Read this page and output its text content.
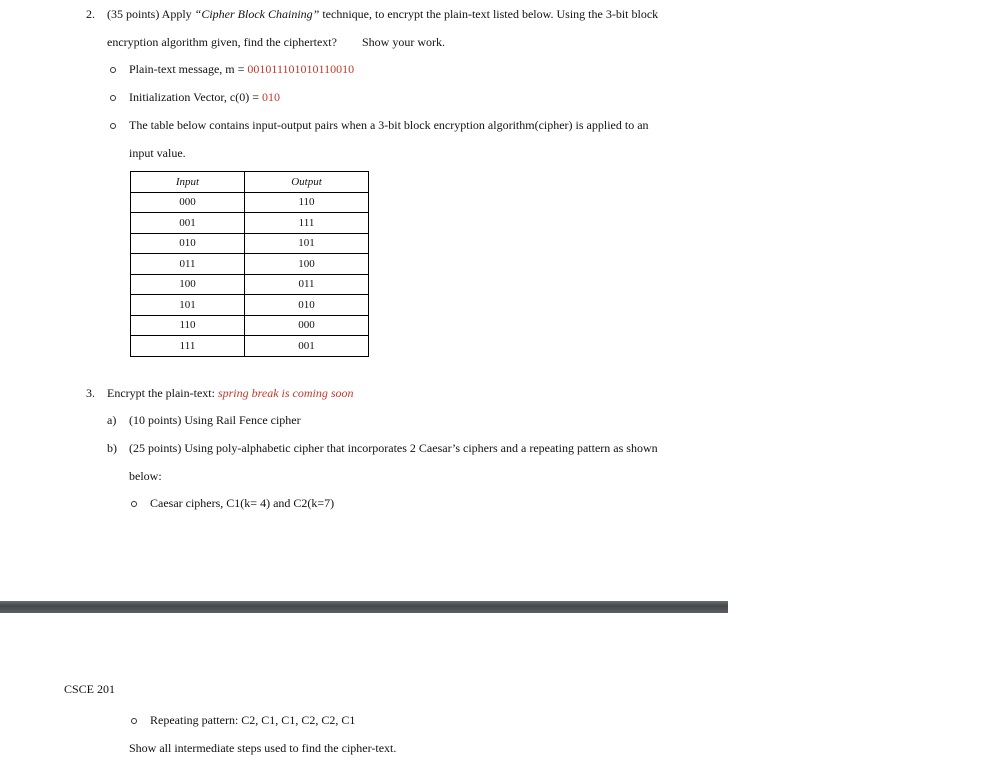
2. (35 points) Apply “Cipher Block Chaining” technique, to encrypt the plain-text listed below. Using the 3-bit block
encryption algorithm given, find the ciphertext? Show your work.
Plain-text message, m = 001011101010110010
Initialization Vector, c(0) = 010
The table below contains input-output pairs when a 3-bit block encryption algorithm(cipher) is applied to an
input value.
Input	Output
000	110
001	111
010	101
011	100
100	011
101	010
110	000
111	001
3. Encrypt the plain-text: spring break is coming soon
a) (10 points) Using Rail Fence cipher
b) (25 points) Using poly-alphabetic cipher that incorporates 2 Caesar’s ciphers and a repeating pattern as shown
below:
Caesar ciphers, C1(k= 4) and C2(k=7)
CSCE 201
Repeating pattern: C2, C1, C1, C2, C2, C1
Show all intermediate steps used to find the cipher-text.
